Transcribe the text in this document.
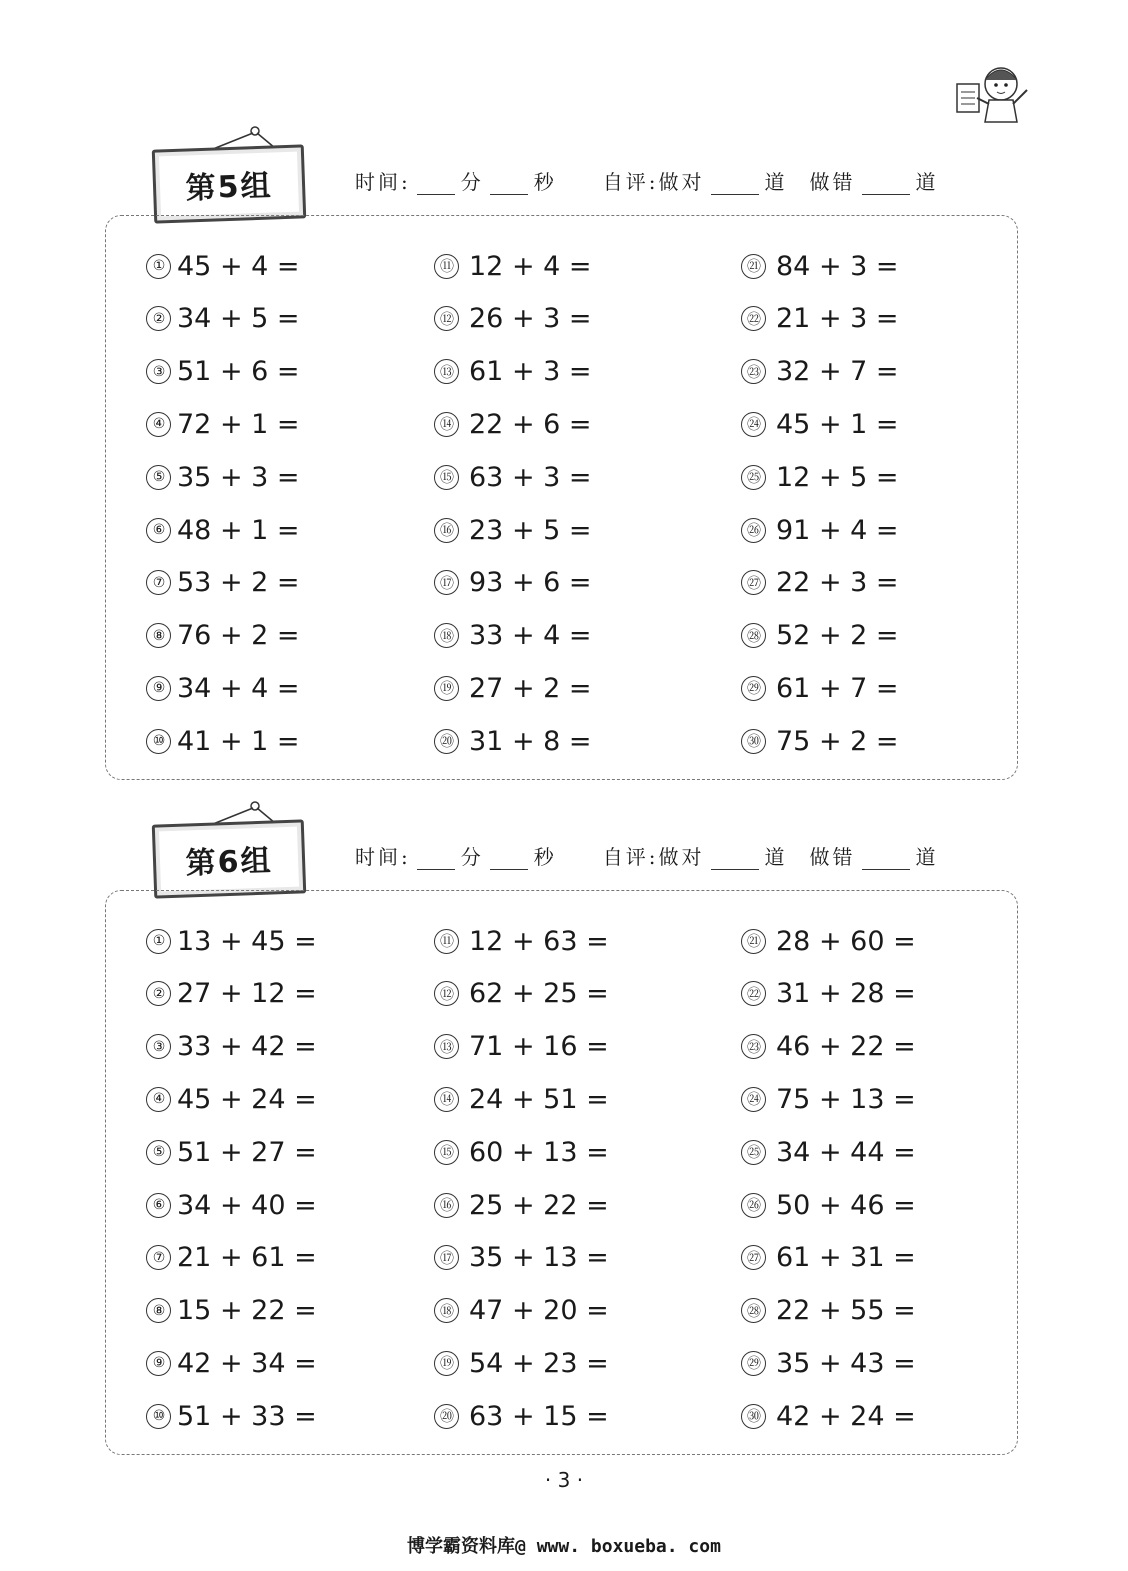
第5组	时间:	分	秒 自评:做对	道 做错	道
① 45 + 4 =
② 34 + 5 =
③ 51 + 6 =
④ 72 + 1 =
⑤ 35 + 3 =
⑥ 48 + 1 =
⑦ 53 + 2 =
⑧ 76 + 2 =
⑨ 34 + 4 =
⑩ 41 + 1 =
⑪ 12 + 4 =
⑫ 26 + 3 =
⑬ 61 + 3 =
⑭ 22 + 6 =
⑮ 63 + 3 =
⑯ 23 + 5 =
⑰ 93 + 6 =
⑱ 33 + 4 =
⑲ 27 + 2 =
⑳ 31 + 8 =
㉑ 84 + 3 =
㉒ 21 + 3 =
㉓ 32 + 7 =
㉔ 45 + 1 =
㉕ 12 + 5 =
㉖ 91 + 4 =
㉗ 22 + 3 =
㉘ 52 + 2 =
㉙ 61 + 7 =
㉚ 75 + 2 =
第6组	时间:	分	秒 自评:做对	道 做错	道
① 13 + 45 =
② 27 + 12 =
③ 33 + 42 =
④ 45 + 24 =
⑤ 51 + 27 =
⑥ 34 + 40 =
⑦ 21 + 61 =
⑧ 15 + 22 =
⑨ 42 + 34 =
⑩ 51 + 33 =
⑪ 12 + 63 =
⑫ 62 + 25 =
⑬ 71 + 16 =
⑭ 24 + 51 =
⑮ 60 + 13 =
⑯ 25 + 22 =
⑰ 35 + 13 =
⑱ 47 + 20 =
⑲ 54 + 23 =
⑳ 63 + 15 =
㉑ 28 + 60 =
㉒ 31 + 28 =
㉓ 46 + 22 =
㉔ 75 + 13 =
㉕ 34 + 44 =
㉖ 50 + 46 =
㉗ 61 + 31 =
㉘ 22 + 55 =
㉙ 35 + 43 =
㉚ 42 + 24 =
· 3 ·
博学霸资料库@ www. boxueba. com
